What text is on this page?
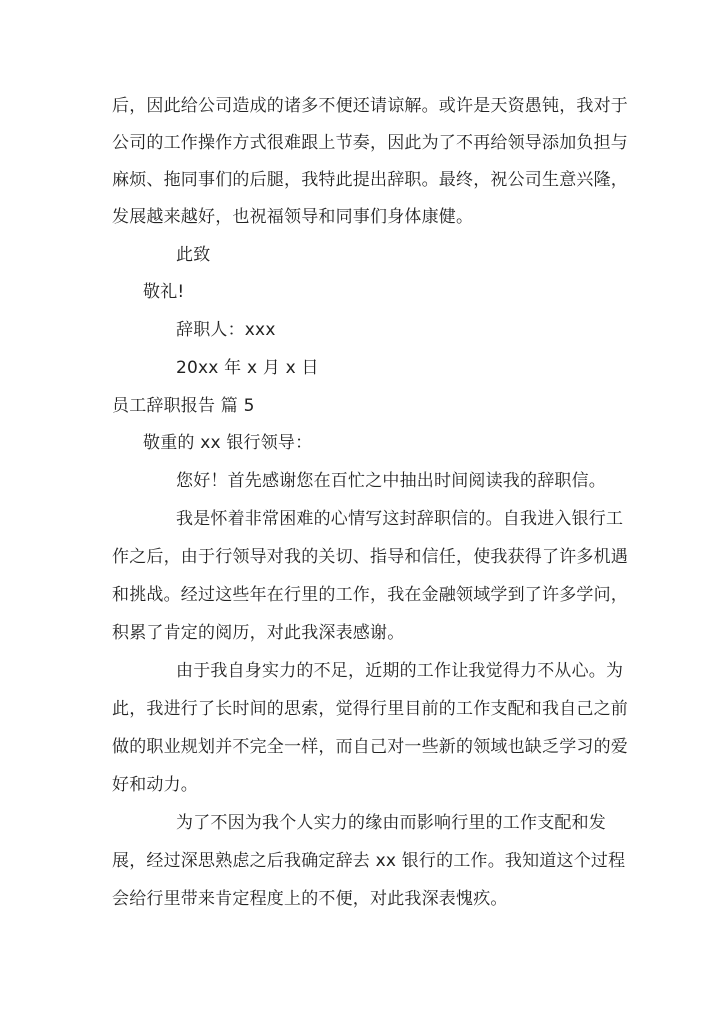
后，因此给公司造成的诸多不便还请谅解。或许是天资愚钝，我对于
公司的工作操作方式很难跟上节奏，因此为了不再给领导添加负担与
麻烦、拖同事们的后腿，我特此提出辞职。最终，祝公司生意兴隆，
发展越来越好，也祝福领导和同事们身体康健。
此致
敬礼!
辞职人：xxx
20xx 年 x 月 x 日
员工辞职报告 篇 5
敬重的 xx 银行领导：
您好！首先感谢您在百忙之中抽出时间阅读我的辞职信。
我是怀着非常困难的心情写这封辞职信的。自我进入银行工
作之后，由于行领导对我的关切、指导和信任，使我获得了许多机遇
和挑战。经过这些年在行里的工作，我在金融领域学到了许多学问，
积累了肯定的阅历，对此我深表感谢。
由于我自身实力的不足，近期的工作让我觉得力不从心。为
此，我进行了长时间的思索，觉得行里目前的工作支配和我自己之前
做的职业规划并不完全一样，而自己对一些新的领域也缺乏学习的爱
好和动力。
为了不因为我个人实力的缘由而影响行里的工作支配和发
展，经过深思熟虑之后我确定辞去 xx 银行的工作。我知道这个过程
会给行里带来肯定程度上的不便，对此我深表愧疚。
